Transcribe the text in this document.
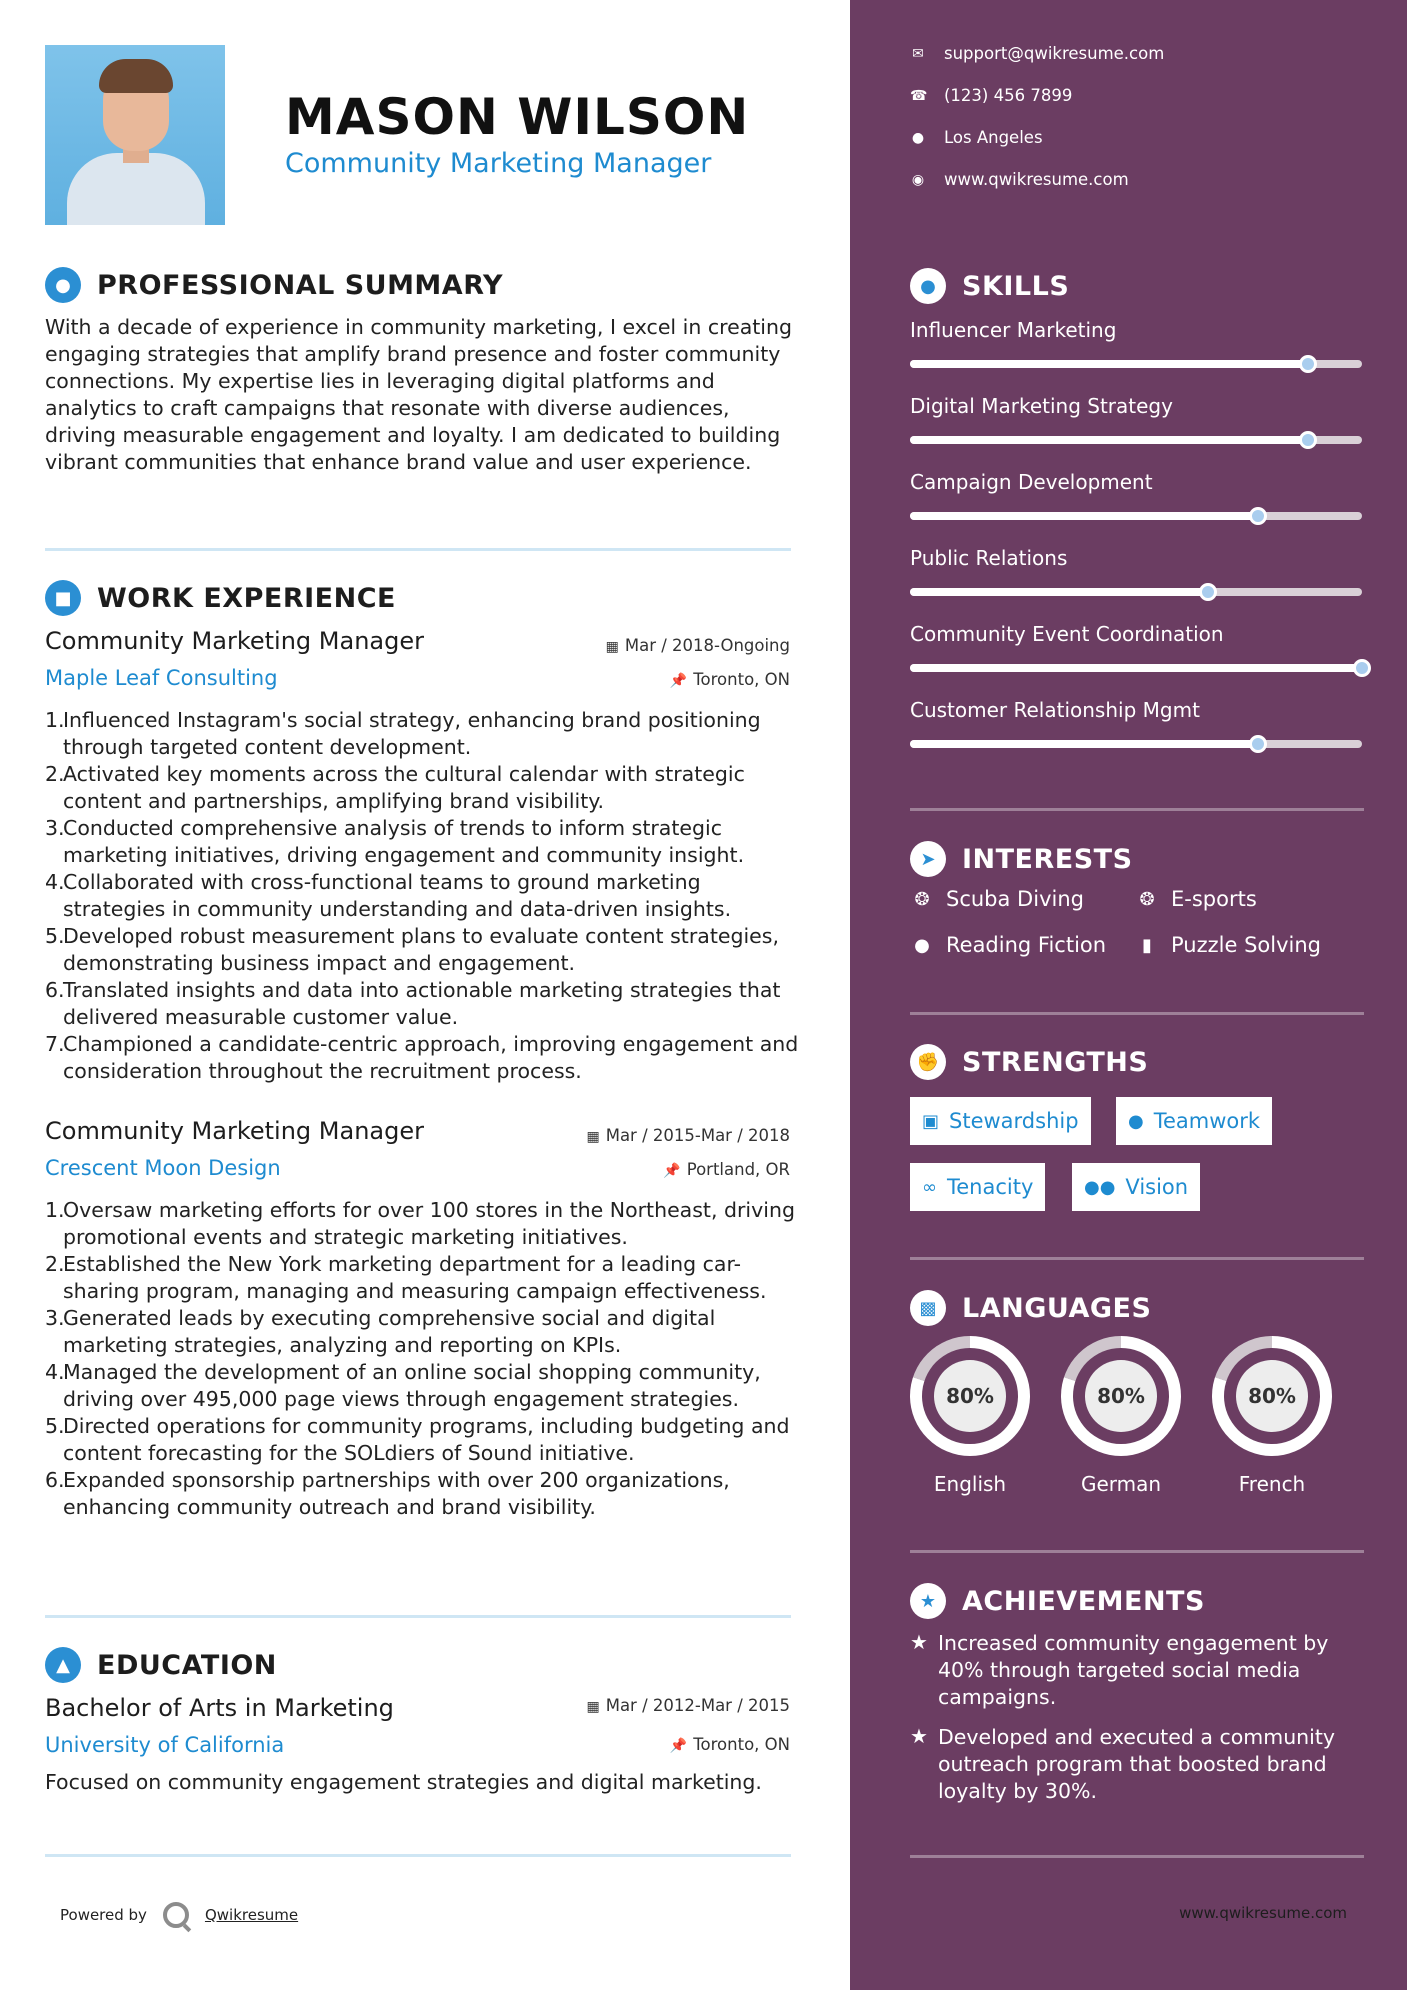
MASON WILSON
Community Marketing Manager
● PROFESSIONAL SUMMARY
With a decade of experience in community marketing, I excel in creating engaging strategies that amplify brand presence and foster community connections. My expertise lies in leveraging digital platforms and analytics to craft campaigns that resonate with diverse audiences, driving measurable engagement and loyalty. I am dedicated to building vibrant communities that enhance brand value and user experience.
■ WORK EXPERIENCE
Community Marketing Manager	▦ Mar / 2018-Ongoing
Maple Leaf Consulting	📌 Toronto, ON
1.
Influenced Instagram's social strategy, enhancing brand positioning through targeted content development.
2.
Activated key moments across the cultural calendar with strategic content and partnerships, amplifying brand visibility.
3.
Conducted comprehensive analysis of trends to inform strategic marketing initiatives, driving engagement and community insight.
4.
Collaborated with cross-functional teams to ground marketing strategies in community understanding and data-driven insights.
5.
Developed robust measurement plans to evaluate content strategies, demonstrating business impact and engagement.
6.
Translated insights and data into actionable marketing strategies that delivered measurable customer value.
7.
Championed a candidate-centric approach, improving engagement and consideration throughout the recruitment process.
Community Marketing Manager	▦ Mar / 2015-Mar / 2018
Crescent Moon Design	📌 Portland, OR
1.
Oversaw marketing efforts for over 100 stores in the Northeast, driving promotional events and strategic marketing initiatives.
2.
Established the New York marketing department for a leading car-sharing program, managing and measuring campaign effectiveness.
3.
Generated leads by executing comprehensive social and digital marketing strategies, analyzing and reporting on KPIs.
4.
Managed the development of an online social shopping community, driving over 495,000 page views through engagement strategies.
5.
Directed operations for community programs, including budgeting and content forecasting for the SOLdiers of Sound initiative.
6.
Expanded sponsorship partnerships with over 200 organizations, enhancing community outreach and brand visibility.
▲	EDUCATION
Bachelor of Arts in Marketing	▦ Mar / 2012-Mar / 2015
University of California	📌 Toronto, ON
Focused on community engagement strategies and digital marketing.
Powered by	Qwikresume
✉ support@qwikresume.com
☎ (123) 456 7899
● Los Angeles
◉ www.qwikresume.com
● SKILLS
Influencer Marketing
Digital Marketing Strategy
Campaign Development
Public Relations
Community Event Coordination
Customer Relationship Mgmt
➤ INTERESTS
❂ Scuba Diving	❂ E-sports
● Reading Fiction	▮ Puzzle Solving
✊ STRENGTHS
▣ Stewardship	● Teamwork
∞ Tenacity	●● Vision
▩ LANGUAGES
80%
English
80%
German
80%
French
★ ACHIEVEMENTS
★ Increased community engagement by 40% through targeted social media campaigns.
★ Developed and executed a community outreach program that boosted brand loyalty by 30%.
www.qwikresume.com
